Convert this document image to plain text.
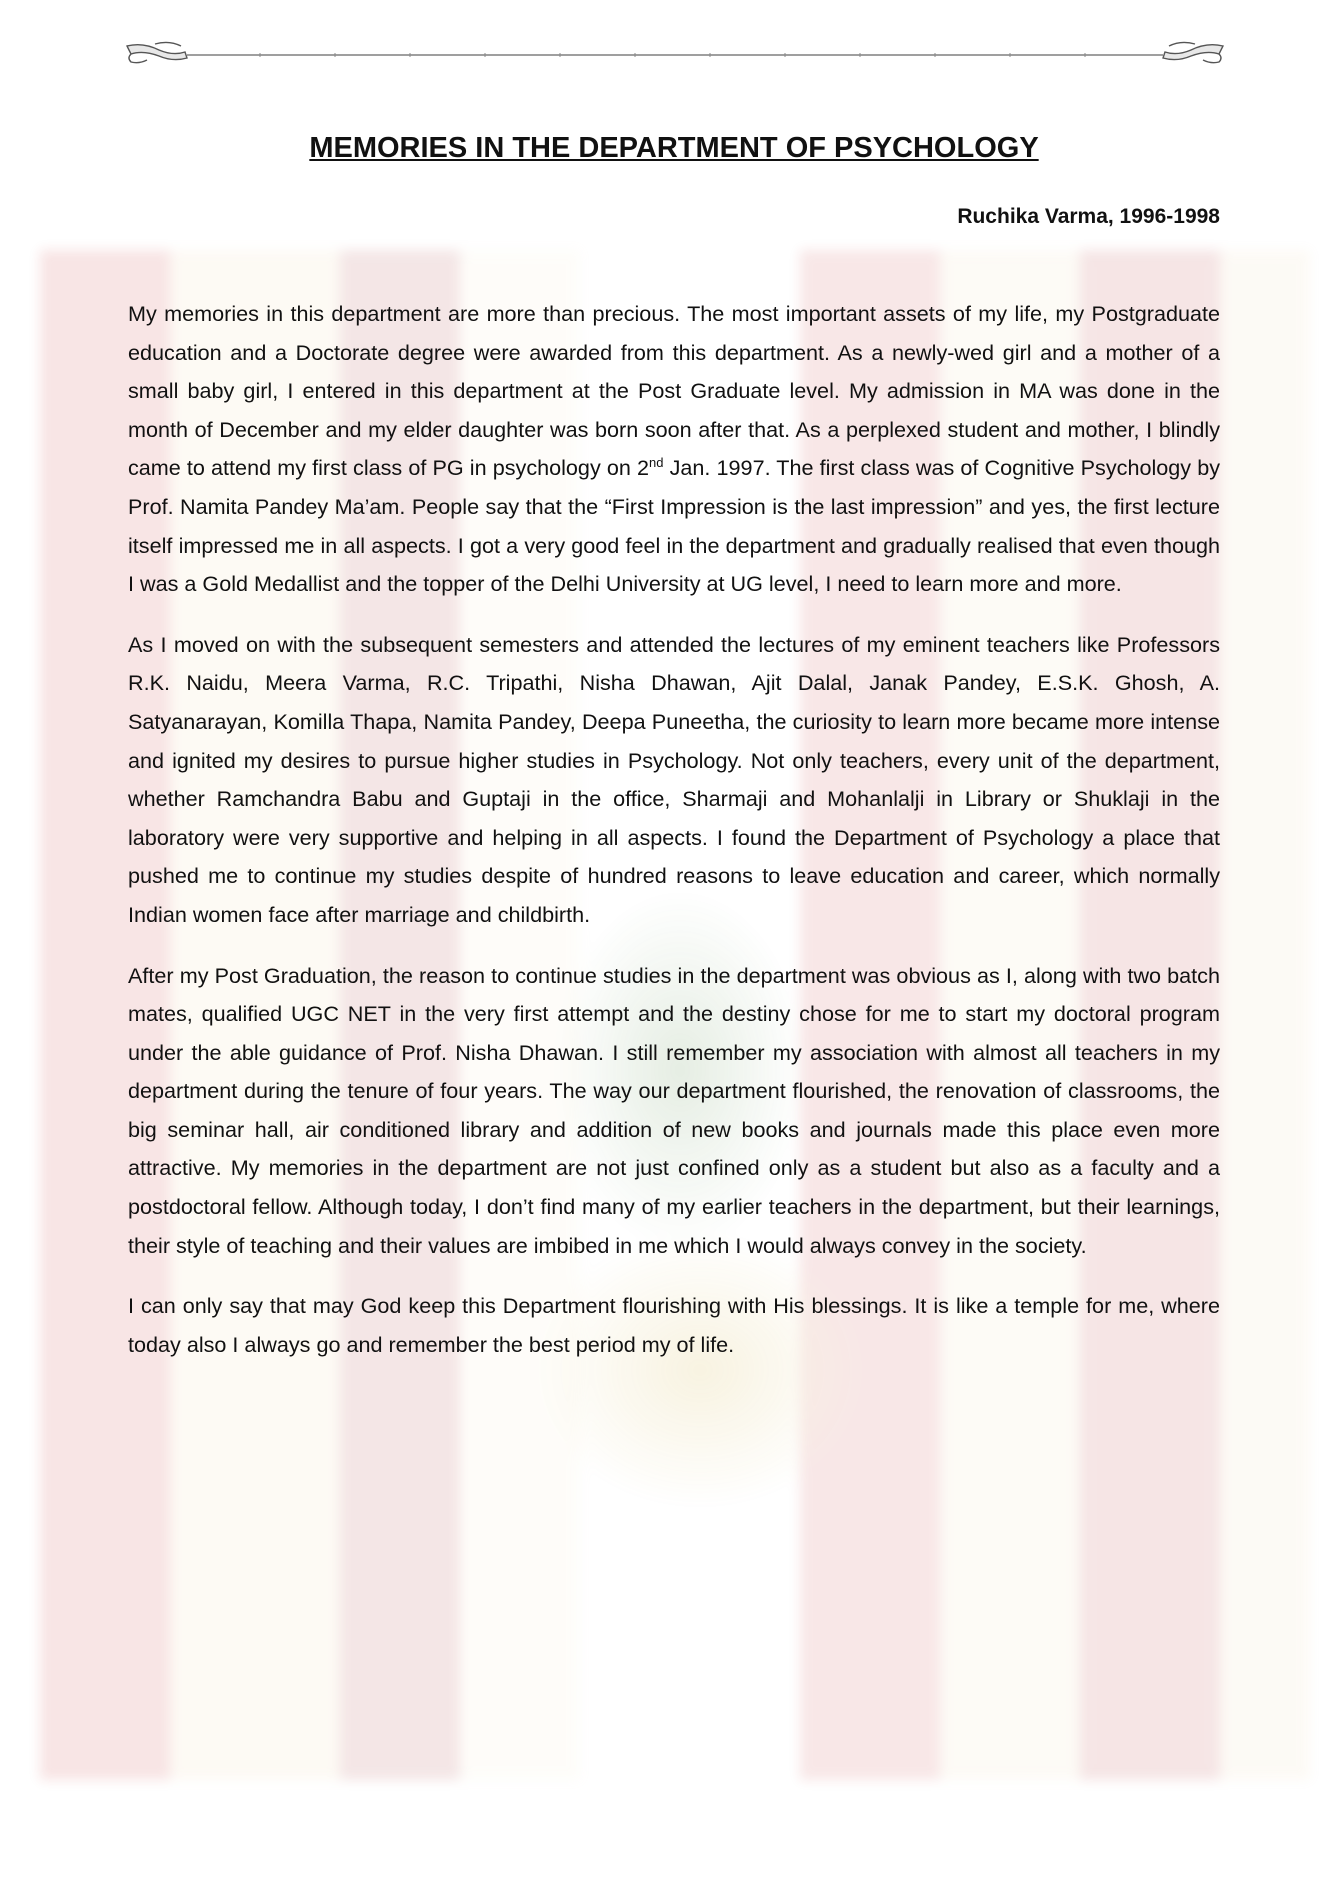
MEMORIES IN THE DEPARTMENT OF PSYCHOLOGY

Ruchika Varma, 1996-1998

My memories in this department are more than precious. The most important assets of my life, my Postgraduate education and a Doctorate degree were awarded from this department. As a newly-wed girl and a mother of a small baby girl, I entered in this department at the Post Graduate level. My admission in MA was done in the month of December and my elder daughter was born soon after that. As a perplexed student and mother, I blindly came to attend my first class of PG in psychology on 2nd Jan. 1997. The first class was of Cognitive Psychology by Prof. Namita Pandey Ma’am. People say that the “First Impression is the last impression” and yes, the first lecture itself impressed me in all aspects. I got a very good feel in the department and gradually realised that even though I was a Gold Medallist and the topper of the Delhi University at UG level, I need to learn more and more.

As I moved on with the subsequent semesters and attended the lectures of my eminent teachers like Professors R.K. Naidu, Meera Varma, R.C. Tripathi, Nisha Dhawan, Ajit Dalal, Janak Pandey, E.S.K. Ghosh, A. Satyanarayan, Komilla Thapa, Namita Pandey, Deepa Puneetha, the curiosity to learn more became more intense and ignited my desires to pursue higher studies in Psychology. Not only teachers, every unit of the department, whether Ramchandra Babu and Guptaji in the office, Sharmaji and Mohanlalji in Library or Shuklaji in the laboratory were very supportive and helping in all aspects. I found the Department of Psychology a place that pushed me to continue my studies despite of hundred reasons to leave education and career, which normally Indian women face after marriage and childbirth.

After my Post Graduation, the reason to continue studies in the department was obvious as I, along with two batch mates, qualified UGC NET in the very first attempt and the destiny chose for me to start my doctoral program under the able guidance of Prof. Nisha Dhawan. I still remember my association with almost all teachers in my department during the tenure of four years. The way our department flourished, the renovation of classrooms, the big seminar hall, air conditioned library and addition of new books and journals made this place even more attractive. My memories in the department are not just confined only as a student but also as a faculty and a postdoctoral fellow. Although today, I don’t find many of my earlier teachers in the department, but their learnings, their style of teaching and their values are imbibed in me which I would always convey in the society.

I can only say that may God keep this Department flourishing with His blessings. It is like a temple for me, where today also I always go and remember the best period my of life.
